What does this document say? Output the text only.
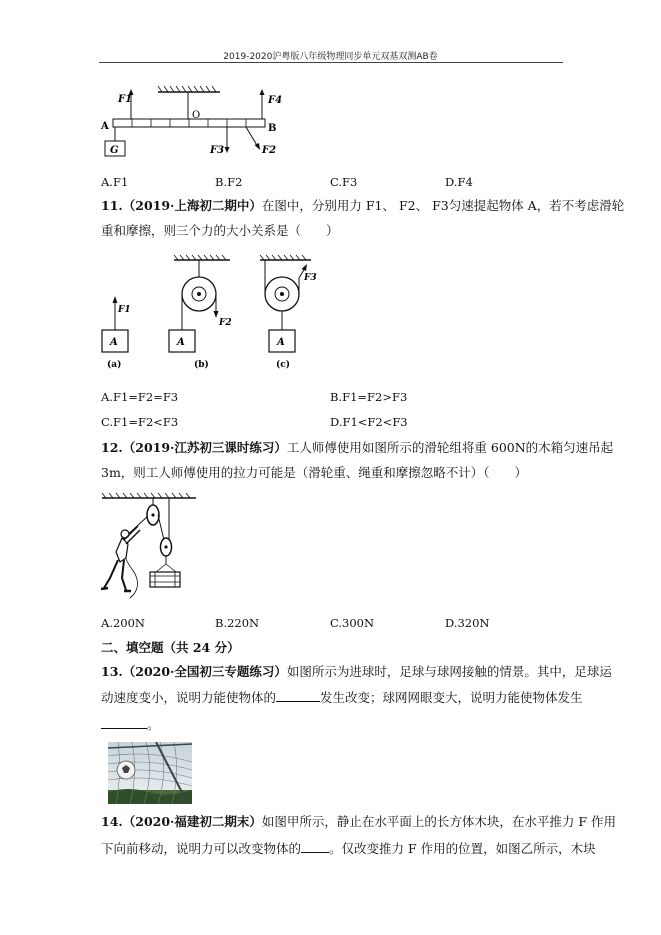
2019-2020沪粤版八年级物理同步单元双基双测AB卷
F1	F4
O
A	B
G	F3	F2
A.F1	B.F2	C.F3	D.F4
11.（2019·上海初二期中）在图中，分别用力 F1、 F2、 F3匀速提起物体 A，若不考虑滑轮
重和摩擦，则三个力的大小关系是（　　）
F1
F2
F3
A	A	A
(a)	(b)	(c)
A.F1=F2=F3	B.F1=F2>F3
C.F1=F2<F3	D.F1<F2<F3
12.（2019·江苏初三课时练习）工人师傅使用如图所示的滑轮组将重 600N的木箱匀速吊起
3m，则工人师傅使用的拉力可能是（滑轮重、绳重和摩擦忽略不计）（　　）
A.200N	B.220N	C.300N	D.320N
二、填空题（共 24 分）
13.（2020·全国初三专题练习）如图所示为进球时，足球与球网接触的情景。其中，足球运
动速度变小，说明力能使物体的	发生改变；球网网眼变大，说明力能使物体发生
。
14.（2020·福建初二期末）如图甲所示，静止在水平面上的长方体木块，在水平推力 F 作用
下向前移动，说明力可以改变物体的 。仅改变推力 F 作用的位置，如图乙所示，木块
